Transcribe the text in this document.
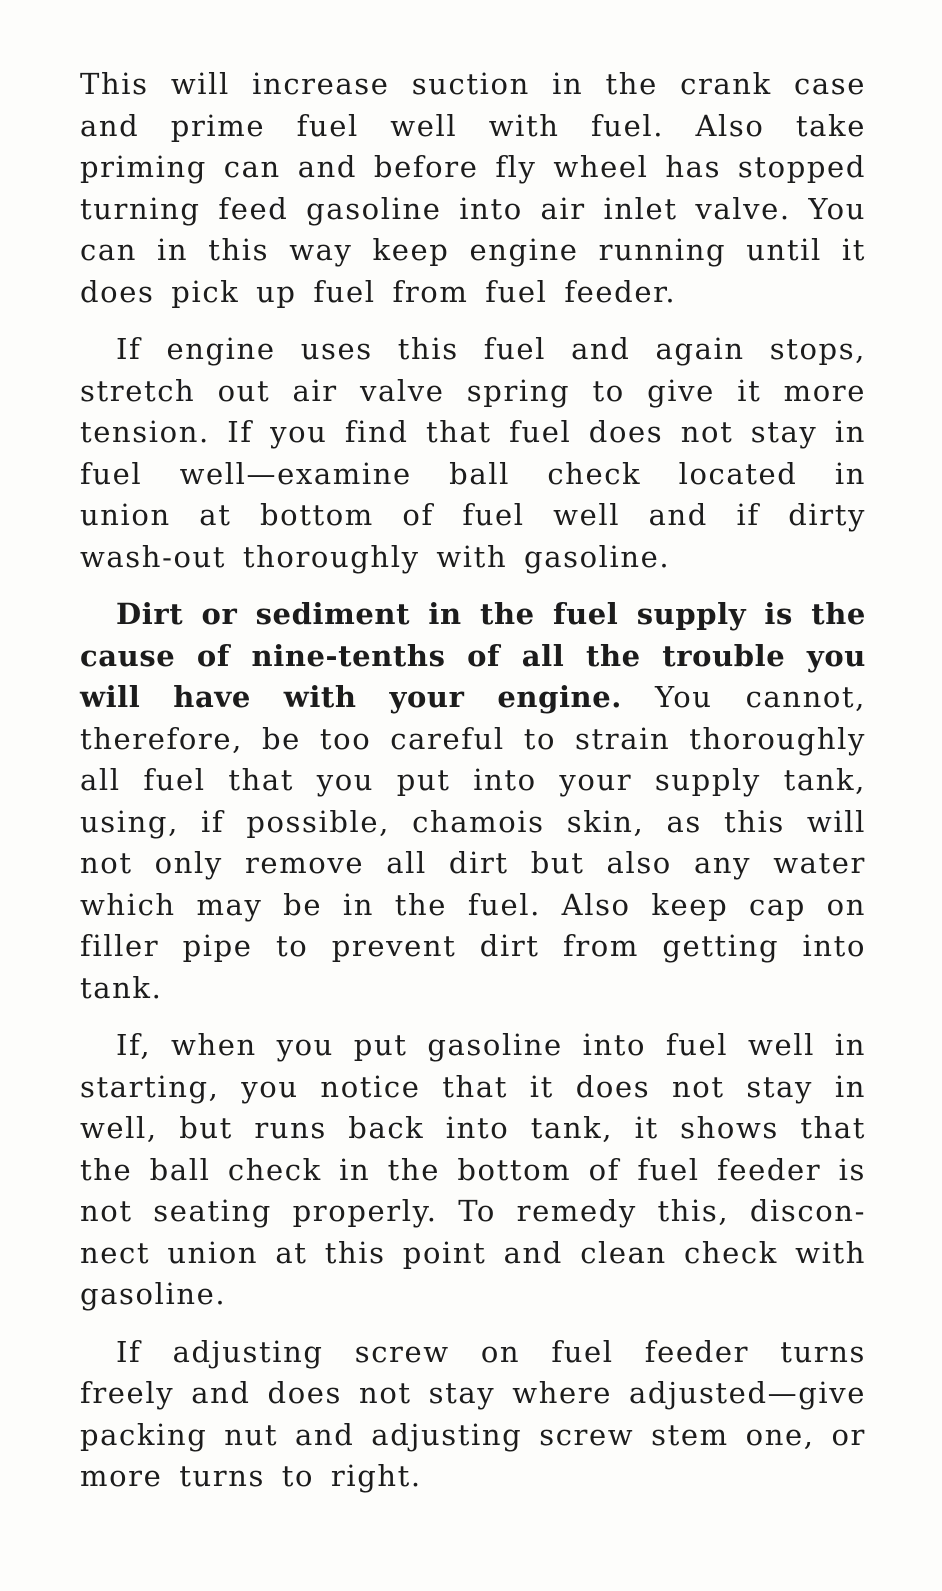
This will increase suction in the crank case and prime fuel well with fuel. Also take priming can and before fly wheel has stopped turning feed gasoline into air inlet valve. You can in this way keep engine running until it does pick up fuel from fuel feeder.

If engine uses this fuel and again stops, stretch out air valve spring to give it more tension. If you find that fuel does not stay in fuel well—examine ball check located in union at bottom of fuel well and if dirty wash-out thoroughly with gasoline.

Dirt or sediment in the fuel supply is the cause of nine-tenths of all the trouble you will have with your engine. You cannot, therefore, be too careful to strain thoroughly all fuel that you put into your supply tank, using, if possible, chamois skin, as this will not only remove all dirt but also any water which may be in the fuel. Also keep cap on filler pipe to prevent dirt from getting into tank.

If, when you put gasoline into fuel well in starting, you notice that it does not stay in well, but runs back into tank, it shows that the ball check in the bottom of fuel feeder is not seating properly. To remedy this, discon-nect union at this point and clean check with gasoline.

If adjusting screw on fuel feeder turns freely and does not stay where adjusted—give packing nut and adjusting screw stem one, or more turns to right.
